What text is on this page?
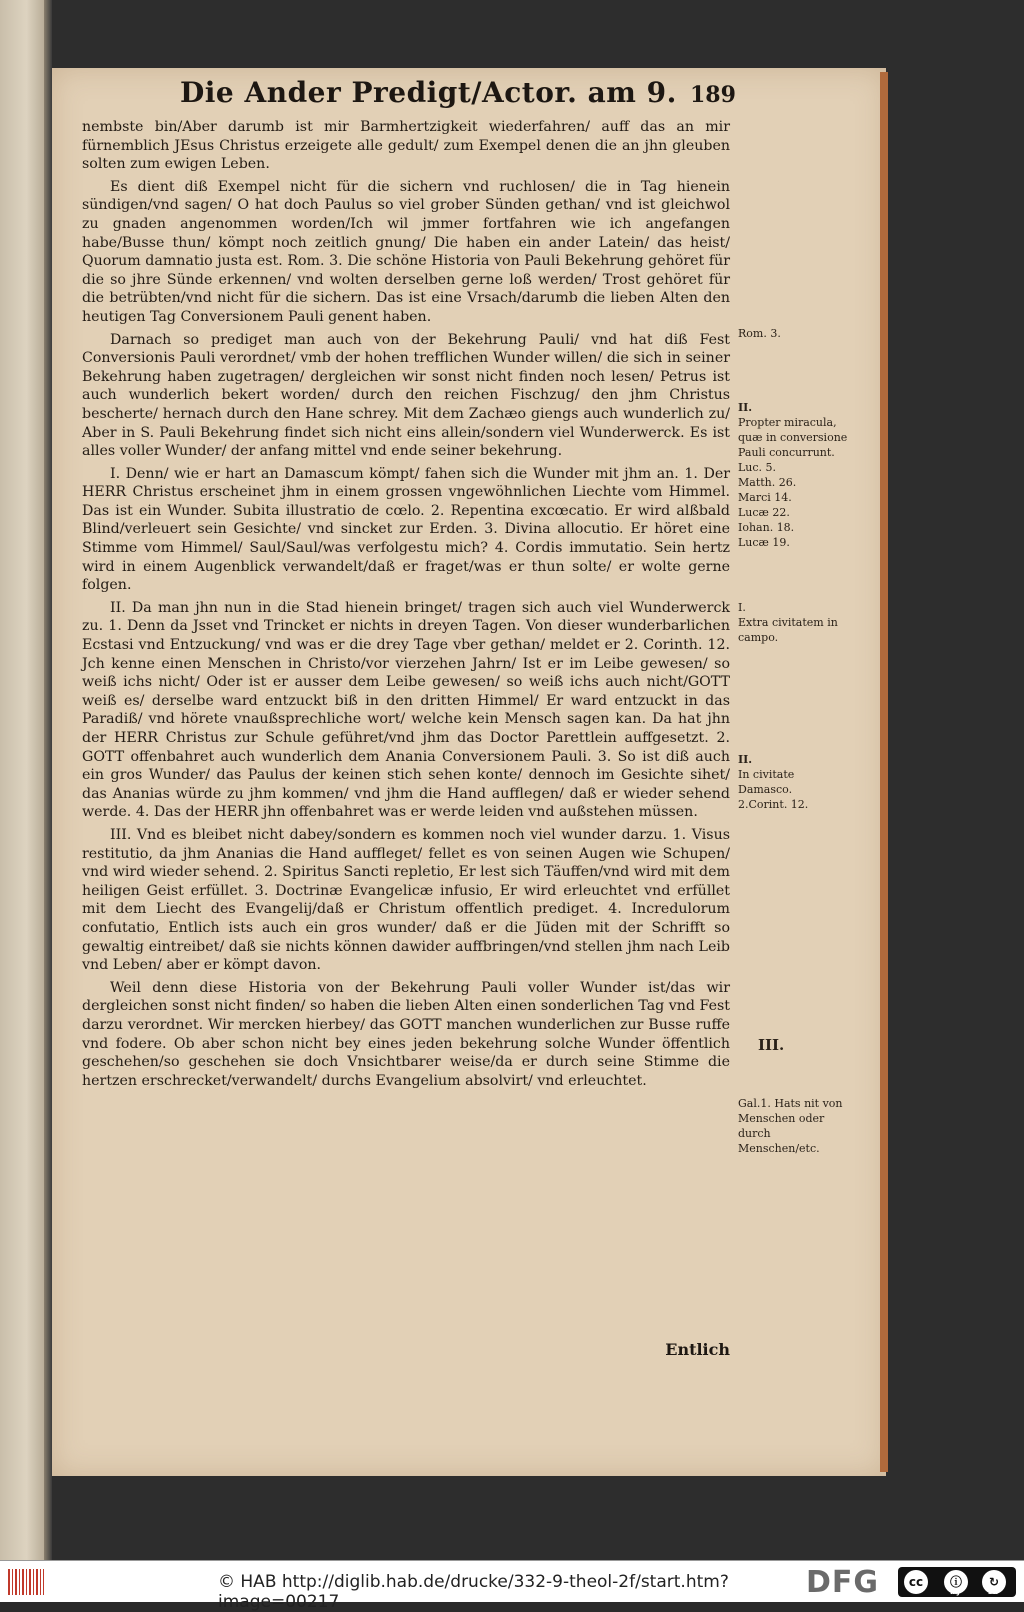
Die Ander Predigt/Actor. am 9. 189

nembste bin/Aber darumb ist mir Barmhertzigkeit wiederfahren/ auff das an mir fürnemblich JEsus Christus erzeigete alle gedult/ zum Exempel denen die an jhn gleuben solten zum ewigen Leben.

Es dient diß Exempel nicht für die sichern vnd ruchlosen/ die in Tag hienein sündigen/vnd sagen/ O hat doch Paulus so viel grober Sünden gethan/ vnd ist gleichwol zu gnaden angenommen worden/Ich wil jmmer fortfahren wie ich angefangen habe/Busse thun/ kömpt noch zeitlich gnung/ Die haben ein ander Latein/ das heist/ Quorum damnatio justa est. Rom. 3. Die schöne Historia von Pauli Bekehrung gehöret für die so jhre Sünde erkennen/ vnd wolten derselben gerne loß werden/ Trost gehöret für die betrübten/vnd nicht für die sichern. Das ist eine Vrsach/darumb die lieben Alten den heutigen Tag Conversionem Pauli genent haben.

Darnach so prediget man auch von der Bekehrung Pauli/ vnd hat diß Fest Conversionis Pauli verordnet/ vmb der hohen trefflichen Wunder willen/ die sich in seiner Bekehrung haben zugetragen/ dergleichen wir sonst nicht finden noch lesen/ Petrus ist auch wunderlich bekert worden/ durch den reichen Fischzug/ den jhm Christus bescherte/ hernach durch den Hane schrey. Mit dem Zachæo giengs auch wunderlich zu/ Aber in S. Pauli Bekehrung findet sich nicht eins allein/sondern viel Wunderwerck. Es ist alles voller Wunder/ der anfang mittel vnd ende seiner bekehrung.

I. Denn/ wie er hart an Damascum kömpt/ fahen sich die Wunder mit jhm an. 1. Der HERR Christus erscheinet jhm in einem grossen vngewöhnlichen Liechte vom Himmel. Das ist ein Wunder. Subita illustratio de cœlo. 2. Repentina excœcatio. Er wird alßbald Blind/verleuert sein Gesichte/ vnd sincket zur Erden. 3. Divina allocutio. Er höret eine Stimme vom Himmel/ Saul/Saul/was verfolgestu mich? 4. Cordis immutatio. Sein hertz wird in einem Augenblick verwandelt/daß er fraget/was er thun solte/ er wolte gerne folgen.

II. Da man jhn nun in die Stad hienein bringet/ tragen sich auch viel Wunderwerck zu. 1. Denn da Jsset vnd Trincket er nichts in dreyen Tagen. Von dieser wunderbarlichen Ecstasi vnd Entzuckung/ vnd was er die drey Tage vber gethan/ meldet er 2. Corinth. 12. Jch kenne einen Menschen in Christo/vor vierzehen Jahrn/ Ist er im Leibe gewesen/ so weiß ichs nicht/ Oder ist er ausser dem Leibe gewesen/ so weiß ichs auch nicht/GOTT weiß es/ derselbe ward entzuckt biß in den dritten Himmel/ Er ward entzuckt in das Paradiß/ vnd hörete vnaußsprechliche wort/ welche kein Mensch sagen kan. Da hat jhn der HERR Christus zur Schule geführet/vnd jhm das Doctor Parettlein auffgesetzt. 2. GOTT offenbahret auch wunderlich dem Anania Conversionem Pauli. 3. So ist diß auch ein gros Wunder/ das Paulus der keinen stich sehen konte/ dennoch im Gesichte sihet/ das Ananias würde zu jhm kommen/ vnd jhm die Hand aufflegen/ daß er wieder sehend werde. 4. Das der HERR jhn offenbahret was er werde leiden vnd außstehen müssen.

III. Vnd es bleibet nicht dabey/sondern es kommen noch viel wunder darzu. 1. Visus restitutio, da jhm Ananias die Hand auffleget/ fellet es von seinen Augen wie Schupen/ vnd wird wieder sehend. 2. Spiritus Sancti repletio, Er lest sich Täuffen/vnd wird mit dem heiligen Geist erfüllet. 3. Doctrinæ Evangelicæ infusio, Er wird erleuchtet vnd erfüllet mit dem Liecht des Evangelij/daß er Christum offentlich prediget. 4. Incredulorum confutatio, Entlich ists auch ein gros wunder/ daß er die Jüden mit der Schrifft so gewaltig eintreibet/ daß sie nichts können dawider auffbringen/vnd stellen jhm nach Leib vnd Leben/ aber er kömpt davon.

Weil denn diese Historia von der Bekehrung Pauli voller Wunder ist/das wir dergleichen sonst nicht finden/ so haben die lieben Alten einen sonderlichen Tag vnd Fest darzu verordnet. Wir mercken hierbey/ das GOTT manchen wunderlichen zur Busse ruffe vnd fodere. Ob aber schon nicht bey eines jeden bekehrung solche Wunder öffentlich geschehen/so geschehen sie doch Vnsichtbarer weise/da er durch seine Stimme die hertzen erschrecket/verwandelt/ durchs Evangelium absolvirt/ vnd erleuchtet.

Rom. 3.
II.
Propter miracula, quæ in conversione Pauli concurrunt.
Luc. 5.
Matth. 26.
Marci 14.
Lucæ 22.
Iohan. 18.
Lucæ 19.
I.
Extra civitatem in campo.
II.
In civitate Damasco.
2.Corint. 12.
III.
Gal.1. Hats nit von Menschen oder durch Menschen/etc.
Entlich
© HAB http://diglib.hab.de/drucke/332-9-theol-2f/start.htm?image=00217
DFG	cc	ⓘ	↻
by	sa
